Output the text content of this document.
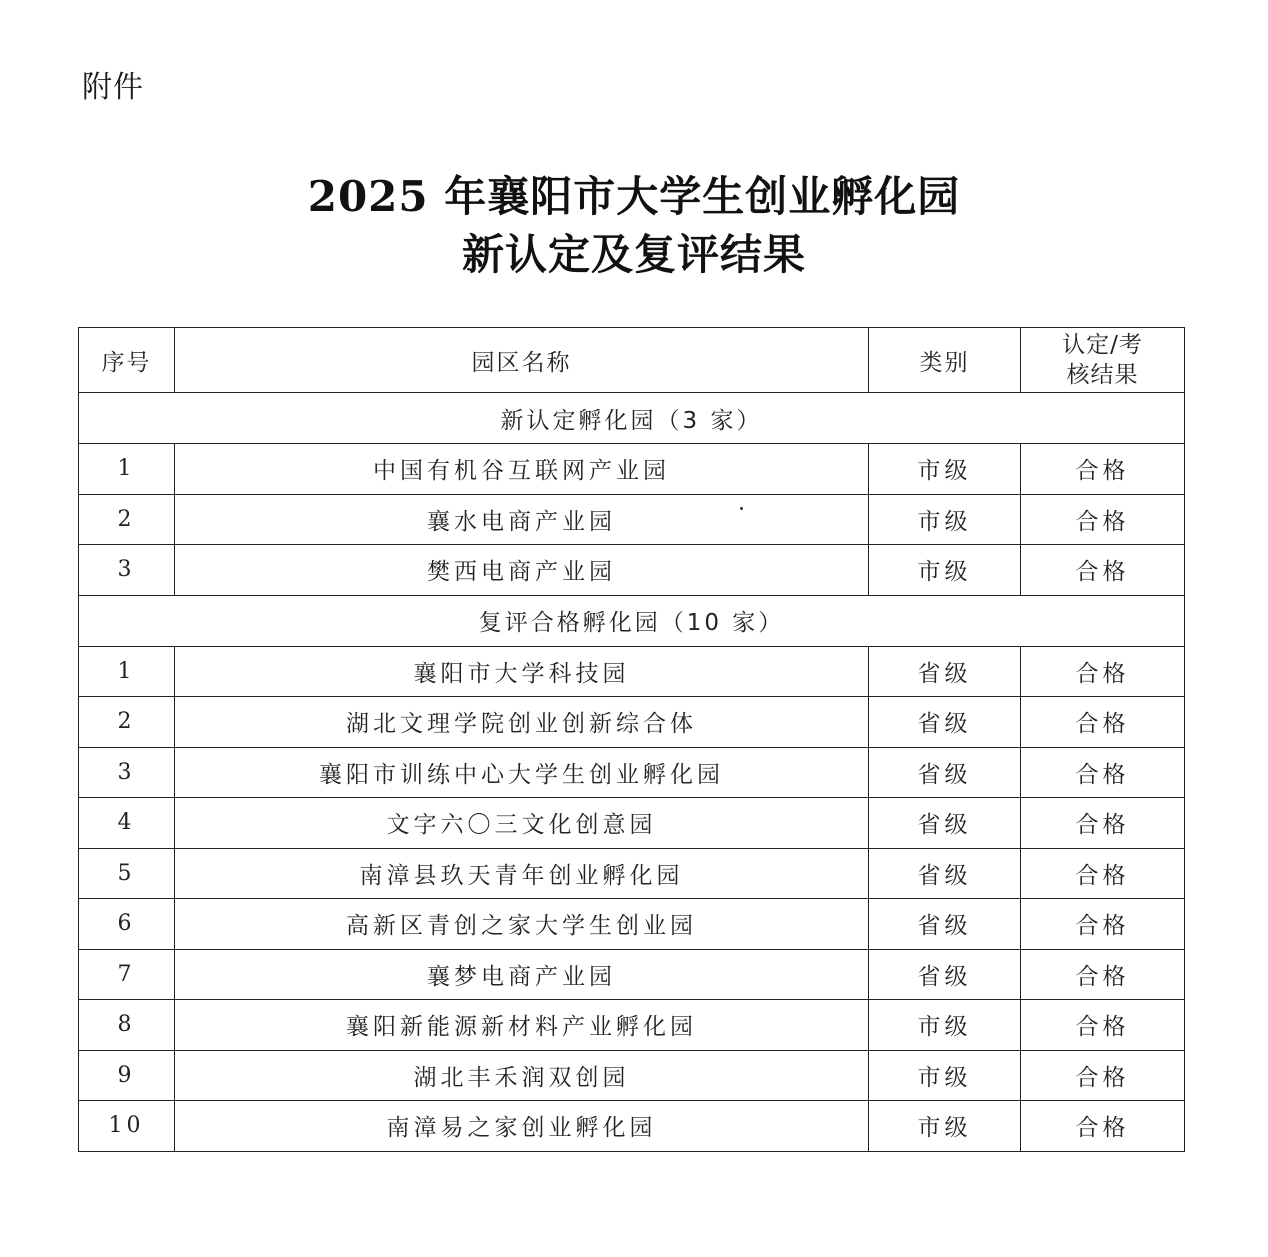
附件
2025 年襄阳市大学生创业孵化园
新认定及复评结果
序号	园区名称	类别	认定/考核结果
新认定孵化园（3 家）			
1	中国有机谷互联网产业园	市级	合格
2	襄水电商产业园	市级	合格
3	樊西电商产业园	市级	合格
复评合格孵化园（10 家）			
1	襄阳市大学科技园	省级	合格
2	湖北文理学院创业创新综合体	省级	合格
3	襄阳市训练中心大学生创业孵化园	省级	合格
4	文字六〇三文化创意园	省级	合格
5	南漳县玖天青年创业孵化园	省级	合格
6	高新区青创之家大学生创业园	省级	合格
7	襄梦电商产业园	省级	合格
8	襄阳新能源新材料产业孵化园	市级	合格
9	湖北丰禾润双创园	市级	合格
10	南漳易之家创业孵化园	市级	合格
